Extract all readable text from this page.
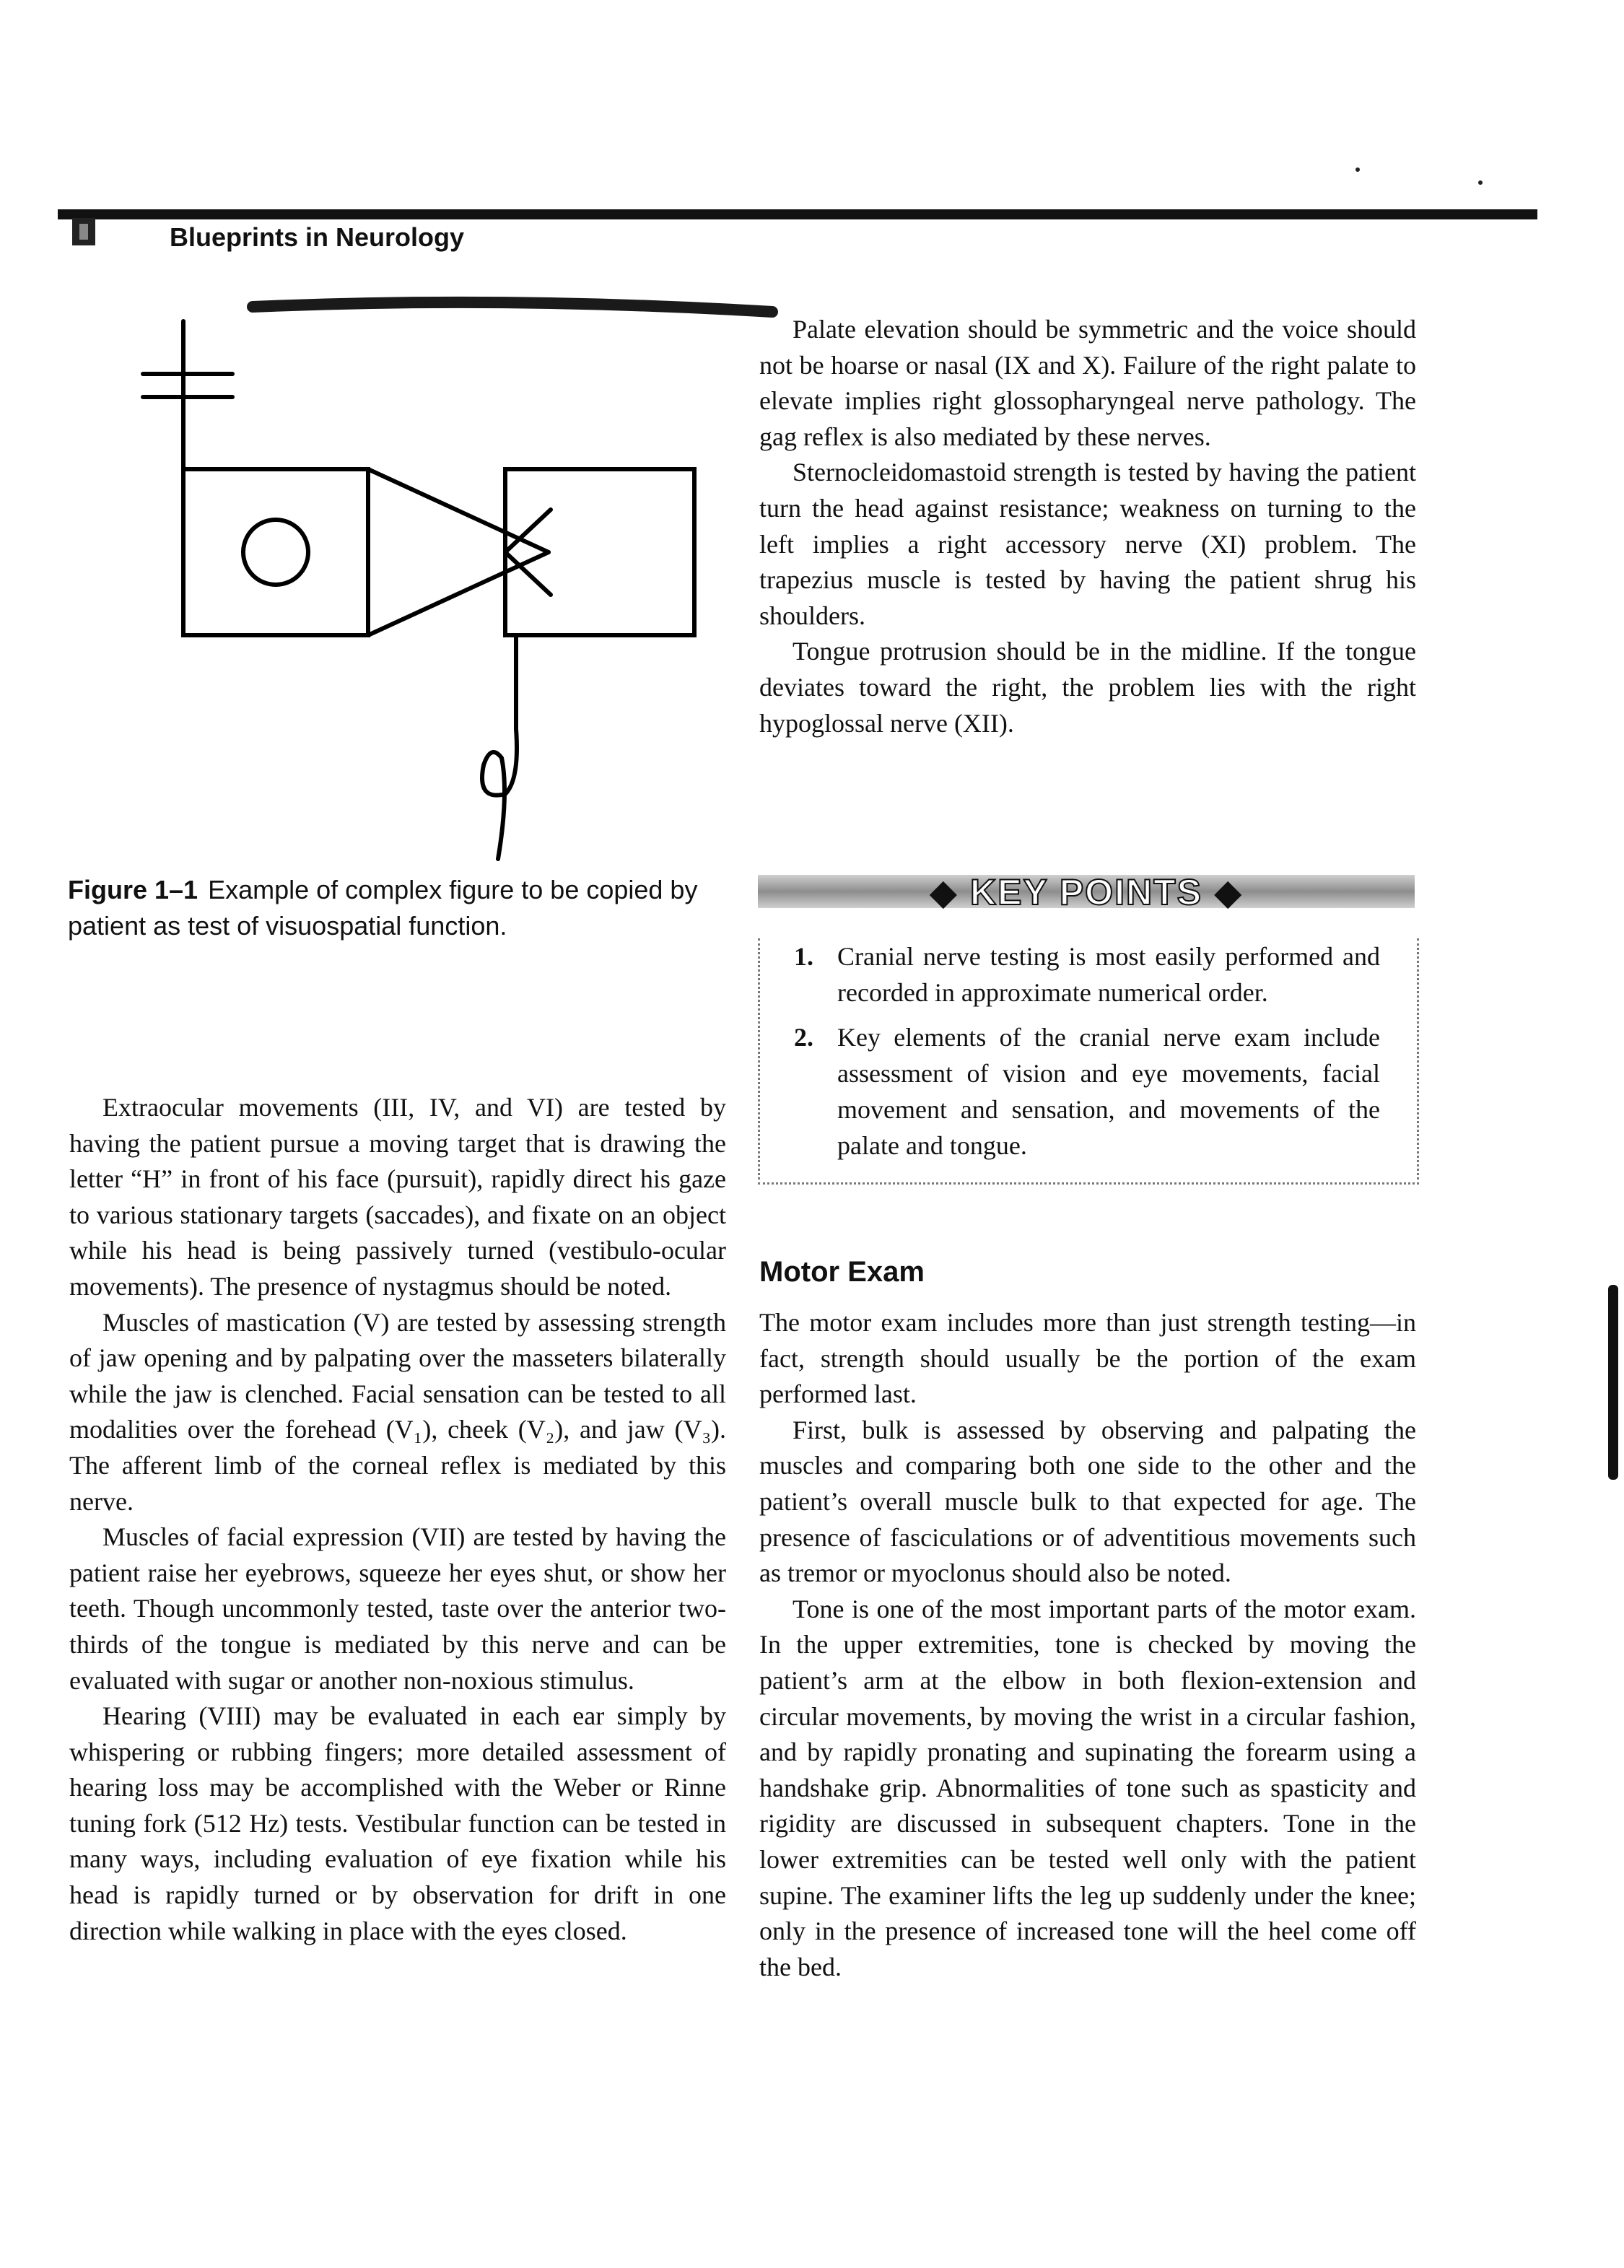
Blueprints in Neurology
Figure 1–1 Example of complex figure to be copied by patient as test of visuospatial function.

Palate elevation should be symmetric and the voice should not be hoarse or nasal (IX and X). Failure of the right palate to elevate implies right glossopharyngeal nerve pathology. The gag reflex is also mediated by these nerves.

Sternocleidomastoid strength is tested by having the patient turn the head against resistance; weakness on turning to the left implies a right accessory nerve (XI) problem. The trapezius muscle is tested by having the patient shrug his shoulders.

Tongue protrusion should be in the midline. If the tongue deviates toward the right, the problem lies with the right hypoglossal nerve (XII).

◆ KEY POINTS ◆
1. Cranial nerve testing is most easily performed and recorded in approximate numerical order.
2. Key elements of the cranial nerve exam include assessment of vision and eye movements, facial movement and sensation, and movements of the palate and tongue.

Extraocular movements (III, IV, and VI) are tested by having the patient pursue a moving target that is drawing the letter “H” in front of his face (pursuit), rapidly direct his gaze to various stationary targets (saccades), and fixate on an object while his head is being passively turned (vestibulo-ocular movements). The presence of nystagmus should be noted.

Muscles of mastication (V) are tested by assessing strength of jaw opening and by palpating over the masseters bilaterally while the jaw is clenched. Facial sensation can be tested to all modalities over the forehead (V₁), cheek (V₂), and jaw (V₃). The afferent limb of the corneal reflex is mediated by this nerve.

Muscles of facial expression (VII) are tested by having the patient raise her eyebrows, squeeze her eyes shut, or show her teeth. Though uncommonly tested, taste over the anterior two-thirds of the tongue is mediated by this nerve and can be evaluated with sugar or another non-noxious stimulus.

Hearing (VIII) may be evaluated in each ear simply by whispering or rubbing fingers; more detailed assessment of hearing loss may be accomplished with the Weber or Rinne tuning fork (512 Hz) tests. Vestibular function can be tested in many ways, including evaluation of eye fixation while his head is rapidly turned or by observation for drift in one direction while walking in place with the eyes closed.

Motor Exam

The motor exam includes more than just strength testing—in fact, strength should usually be the portion of the exam performed last.

First, bulk is assessed by observing and palpating the muscles and comparing both one side to the other and the patient’s overall muscle bulk to that expected for age. The presence of fasciculations or of adventitious movements such as tremor or myoclonus should also be noted.

Tone is one of the most important parts of the motor exam. In the upper extremities, tone is checked by moving the patient’s arm at the elbow in both flexion-extension and circular movements, by moving the wrist in a circular fashion, and by rapidly pronating and supinating the forearm using a handshake grip. Abnormalities of tone such as spasticity and rigidity are discussed in subsequent chapters. Tone in the lower extremities can be tested well only with the patient supine. The examiner lifts the leg up suddenly under the knee; only in the presence of increased tone will the heel come off the bed.
